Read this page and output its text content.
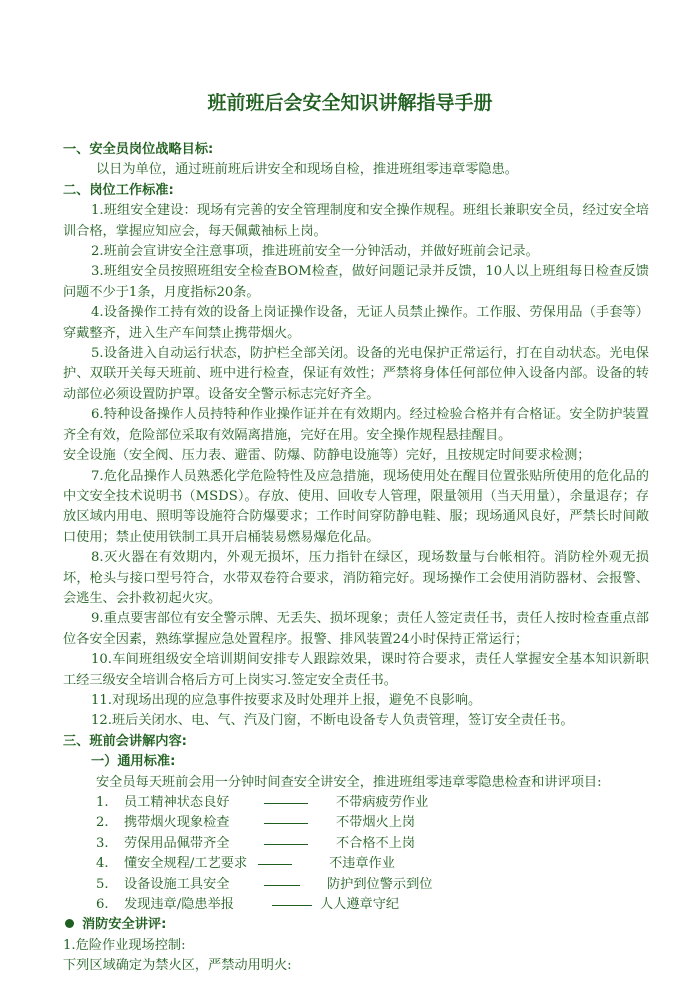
班前班后会安全知识讲解指导手册
一、安全员岗位战略目标:

以日为单位，通过班前班后讲安全和现场自检，推进班组零违章零隐患。

二、岗位工作标准:

1.班组安全建设：现场有完善的安全管理制度和安全操作规程。班组长兼职安全员，经过安全培训合格，掌握应知应会，每天佩戴袖标上岗。

2.班前会宣讲安全注意事项，推进班前安全一分钟活动，并做好班前会记录。

3.班组安全员按照班组安全检查BOM检查，做好问题记录并反馈，10人以上班组每日检查反馈问题不少于1条，月度指标20条。

4.设备操作工持有效的设备上岗证操作设备，无证人员禁止操作。工作服、劳保用品（手套等）穿戴整齐，进入生产车间禁止携带烟火。

5.设备进入自动运行状态，防护栏全部关闭。设备的光电保护正常运行，打在自动状态。光电保护、双联开关每天班前、班中进行检查，保证有效性；严禁将身体任何部位伸入设备内部。设备的转动部位必须设置防护罩。设备安全警示标志完好齐全。

6.特种设备操作人员持特种作业操作证并在有效期内。经过检验合格并有合格证。安全防护装置齐全有效，危险部位采取有效隔离措施，完好在用。安全操作规程悬挂醒目。

安全设施（安全阀、压力表、避雷、防爆、防静电设施等）完好，且按规定时间要求检测；

7.危化品操作人员熟悉化学危险特性及应急措施，现场使用处在醒目位置张贴所使用的危化品的中文安全技术说明书（MSDS）。存放、使用、回收专人管理，限量领用（当天用量），余量退存；存放区域内用电、照明等设施符合防爆要求；工作时间穿防静电鞋、服；现场通风良好，严禁长时间敞口使用；禁止使用铁制工具开启桶装易燃易爆危化品。

8.灭火器在有效期内，外观无损坏，压力指针在绿区，现场数量与台帐相符。消防栓外观无损坏，枪头与接口型号符合，水带双卷符合要求，消防箱完好。现场操作工会使用消防器材、会报警、会逃生、会扑救初起火灾。

9.重点要害部位有安全警示牌、无丢失、损坏现象；责任人签定责任书，责任人按时检查重点部位各安全因素，熟练掌握应急处置程序。报警、排风装置24小时保持正常运行；

10.车间班组级安全培训期间安排专人跟踪效果，课时符合要求，责任人掌握安全基本知识新职工经三级安全培训合格后方可上岗实习.签定安全责任书。

11.对现场出现的应急事件按要求及时处理并上报，避免不良影响。

12.班后关闭水、电、气、汽及门窗，不断电设备专人负责管理，签订安全责任书。

三、班前会讲解内容:
一）通用标准:

安全员每天班前会用一分钟时间查安全讲安全，推进班组零违章零隐患检查和讲评项目:

1. 员工精神状态良好	不带病疲劳作业
2. 携带烟火现象检查	不带烟火上岗
3. 劳保用品佩带齐全	不合格不上岗
4. 懂安全规程/工艺要求	不违章作业
5. 设备设施工具安全	防护到位警示到位
6. 发现违章/隐患举报	人人遵章守纪
消防安全讲评:

1.危险作业现场控制:

下列区域确定为禁火区，严禁动用明火:
